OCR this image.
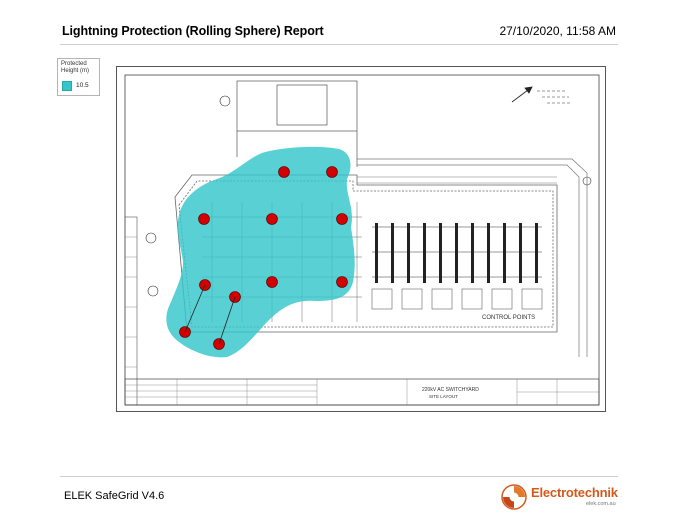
Lightning Protection (Rolling Sphere) Report	27/10/2020, 11:58 AM
Protected Height (m)
10.5
220kV AC SWITCHYARD
SITE LAYOUT
CONTROL POINTS
ELEK SafeGrid V4.6	Electrotechnik
elek.com.au
